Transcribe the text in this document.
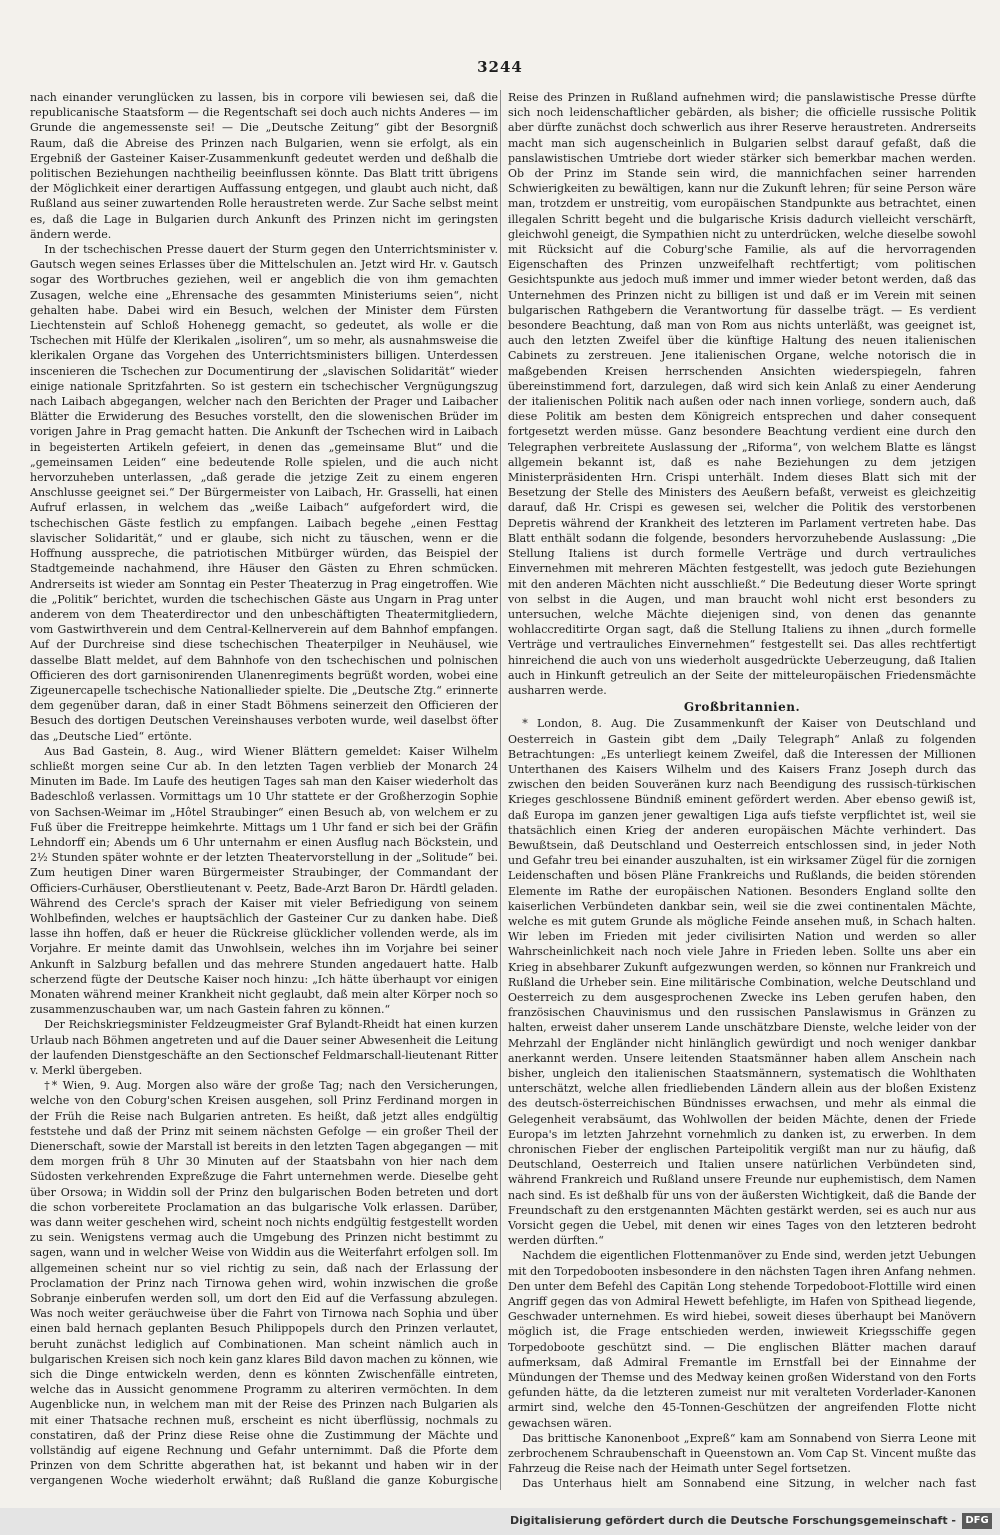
3244

nach einander verunglücken zu lassen, bis in corpore vili bewiesen sei, daß die republicanische Staatsform — die Regentschaft sei doch auch nichts Anderes — im Grunde die angemessenste sei! — Die „Deutsche Zeitung“ gibt der Besorgniß Raum, daß die Abreise des Prinzen nach Bulgarien, wenn sie erfolgt, als ein Ergebniß der Gasteiner Kaiser-Zusammenkunft gedeutet werden und deßhalb die politischen Beziehungen nachtheilig beeinflussen könnte. Das Blatt tritt übrigens der Möglichkeit einer derartigen Auffassung entgegen, und glaubt auch nicht, daß Rußland aus seiner zuwartenden Rolle heraustreten werde. Zur Sache selbst meint es, daß die Lage in Bulgarien durch Ankunft des Prinzen nicht im geringsten ändern werde.

In der tschechischen Presse dauert der Sturm gegen den Unterrichtsminister v. Gautsch wegen seines Erlasses über die Mittelschulen an. Jetzt wird Hr. v. Gautsch sogar des Wortbruches geziehen, weil er angeblich die von ihm gemachten Zusagen, welche eine „Ehrensache des gesammten Ministeriums seien“, nicht gehalten habe. Dabei wird ein Besuch, welchen der Minister dem Fürsten Liechtenstein auf Schloß Hohenegg gemacht, so gedeutet, als wolle er die Tschechen mit Hülfe der Klerikalen „isoliren“, um so mehr, als ausnahmsweise die klerikalen Organe das Vorgehen des Unterrichtsministers billigen. Unterdessen inscenieren die Tschechen zur Documentirung der „slavischen Solidarität“ wieder einige nationale Spritzfahrten. So ist gestern ein tschechischer Vergnügungszug nach Laibach abgegangen, welcher nach den Berichten der Prager und Laibacher Blätter die Erwiderung des Besuches vorstellt, den die slowenischen Brüder im vorigen Jahre in Prag gemacht hatten. Die Ankunft der Tschechen wird in Laibach in begeisterten Artikeln gefeiert, in denen das „gemeinsame Blut“ und die „gemeinsamen Leiden“ eine bedeutende Rolle spielen, und die auch nicht hervorzuheben unterlassen, „daß gerade die jetzige Zeit zu einem engeren Anschlusse geeignet sei.“ Der Bürgermeister von Laibach, Hr. Grasselli, hat einen Aufruf erlassen, in welchem das „weiße Laibach“ aufgefordert wird, die tschechischen Gäste festlich zu empfangen. Laibach begehe „einen Festtag slavischer Solidarität,“ und er glaube, sich nicht zu täuschen, wenn er die Hoffnung ausspreche, die patriotischen Mitbürger würden, das Beispiel der Stadtgemeinde nachahmend, ihre Häuser den Gästen zu Ehren schmücken. Andrerseits ist wieder am Sonntag ein Pester Theaterzug in Prag eingetroffen. Wie die „Politik“ berichtet, wurden die tschechischen Gäste aus Ungarn in Prag unter anderem von dem Theaterdirector und den unbeschäftigten Theatermitgliedern, vom Gastwirthverein und dem Central-Kellnerverein auf dem Bahnhof empfangen. Auf der Durchreise sind diese tschechischen Theaterpilger in Neuhäusel, wie dasselbe Blatt meldet, auf dem Bahnhofe von den tschechischen und polnischen Officieren des dort garnisonirenden Ulanenregiments begrüßt worden, wobei eine Zigeunercapelle tschechische Nationallieder spielte. Die „Deutsche Ztg.“ erinnerte dem gegenüber daran, daß in einer Stadt Böhmens seinerzeit den Officieren der Besuch des dortigen Deutschen Vereinshauses verboten wurde, weil daselbst öfter das „Deutsche Lied“ ertönte.

Aus Bad Gastein, 8. Aug., wird Wiener Blättern gemeldet: Kaiser Wilhelm schließt morgen seine Cur ab. In den letzten Tagen verblieb der Monarch 24 Minuten im Bade. Im Laufe des heutigen Tages sah man den Kaiser wiederholt das Badeschloß verlassen. Vormittags um 10 Uhr stattete er der Großherzogin Sophie von Sachsen-Weimar im „Hôtel Straubinger“ einen Besuch ab, von welchem er zu Fuß über die Freitreppe heimkehrte. Mittags um 1 Uhr fand er sich bei der Gräfin Lehndorff ein; Abends um 6 Uhr unternahm er einen Ausflug nach Böckstein, und 2½ Stunden später wohnte er der letzten Theatervorstellung in der „Solitude“ bei. Zum heutigen Diner waren Bürgermeister Straubinger, der Commandant der Officiers-Curhäuser, Oberstlieutenant v. Peetz, Bade-Arzt Baron Dr. Härdtl geladen. Während des Cercle's sprach der Kaiser mit vieler Befriedigung von seinem Wohlbefinden, welches er hauptsächlich der Gasteiner Cur zu danken habe. Dieß lasse ihn hoffen, daß er heuer die Rückreise glücklicher vollenden werde, als im Vorjahre. Er meinte damit das Unwohlsein, welches ihn im Vorjahre bei seiner Ankunft in Salzburg befallen und das mehrere Stunden angedauert hatte. Halb scherzend fügte der Deutsche Kaiser noch hinzu: „Ich hätte überhaupt vor einigen Monaten während meiner Krankheit nicht geglaubt, daß mein alter Körper noch so zusammenzuschauben war, um nach Gastein fahren zu können.“

Der Reichskriegsminister Feldzeugmeister Graf Bylandt-Rheidt hat einen kurzen Urlaub nach Böhmen angetreten und auf die Dauer seiner Abwesenheit die Leitung der laufenden Dienstgeschäfte an den Sectionschef Feldmarschall-lieutenant Ritter v. Merkl übergeben.

†* Wien, 9. Aug. Morgen also wäre der große Tag; nach den Versicherungen, welche von den Coburg'schen Kreisen ausgehen, soll Prinz Ferdinand morgen in der Früh die Reise nach Bulgarien antreten. Es heißt, daß jetzt alles endgültig feststehe und daß der Prinz mit seinem nächsten Gefolge — ein großer Theil der Dienerschaft, sowie der Marstall ist bereits in den letzten Tagen abgegangen — mit dem morgen früh 8 Uhr 30 Minuten auf der Staatsbahn von hier nach dem Südosten verkehrenden Expreßzuge die Fahrt unternehmen werde. Dieselbe geht über Orsowa; in Widdin soll der Prinz den bulgarischen Boden betreten und dort die schon vorbereitete Proclamation an das bulgarische Volk erlassen. Darüber, was dann weiter geschehen wird, scheint noch nichts endgültig festgestellt worden zu sein. Wenigstens vermag auch die Umgebung des Prinzen nicht bestimmt zu sagen, wann und in welcher Weise von Widdin aus die Weiterfahrt erfolgen soll. Im allgemeinen scheint nur so viel richtig zu sein, daß nach der Erlassung der Proclamation der Prinz nach Tirnowa gehen wird, wohin inzwischen die große Sobranje einberufen werden soll, um dort den Eid auf die Verfassung abzulegen. Was noch weiter geräuchweise über die Fahrt von Tirnowa nach Sophia und über einen bald hernach geplanten Besuch Philippopels durch den Prinzen verlautet, beruht zunächst lediglich auf Combinationen. Man scheint nämlich auch in bulgarischen Kreisen sich noch kein ganz klares Bild davon machen zu können, wie sich die Dinge entwickeln werden, denn es könnten Zwischenfälle eintreten, welche das in Aussicht genommene Programm zu alteriren vermöchten. In dem Augenblicke nun, in welchem man mit der Reise des Prinzen nach Bulgarien als mit einer Thatsache rechnen muß, erscheint es nicht überflüssig, nochmals zu constatiren, daß der Prinz diese Reise ohne die Zustimmung der Mächte und vollständig auf eigene Rechnung und Gefahr unternimmt. Daß die Pforte dem Prinzen von dem Schritte abgerathen hat, ist bekannt und haben wir in der vergangenen Woche wiederholt erwähnt; daß Rußland die ganze Koburgische

Reise des Prinzen in Rußland aufnehmen wird; die panslawistische Presse dürfte sich noch leidenschaftlicher gebärden, als bisher; die officielle russische Politik aber dürfte zunächst doch schwerlich aus ihrer Reserve heraustreten. Andrerseits macht man sich augenscheinlich in Bulgarien selbst darauf gefaßt, daß die panslawistischen Umtriebe dort wieder stärker sich bemerkbar machen werden. Ob der Prinz im Stande sein wird, die mannichfachen seiner harrenden Schwierigkeiten zu bewältigen, kann nur die Zukunft lehren; für seine Person wäre man, trotzdem er unstreitig, vom europäischen Standpunkte aus betrachtet, einen illegalen Schritt begeht und die bulgarische Krisis dadurch vielleicht verschärft, gleichwohl geneigt, die Sympathien nicht zu unterdrücken, welche dieselbe sowohl mit Rücksicht auf die Coburg'sche Familie, als auf die hervorragenden Eigenschaften des Prinzen unzweifelhaft rechtfertigt; vom politischen Gesichtspunkte aus jedoch muß immer und immer wieder betont werden, daß das Unternehmen des Prinzen nicht zu billigen ist und daß er im Verein mit seinen bulgarischen Rathgebern die Verantwortung für dasselbe trägt. — Es verdient besondere Beachtung, daß man von Rom aus nichts unterläßt, was geeignet ist, auch den letzten Zweifel über die künftige Haltung des neuen italienischen Cabinets zu zerstreuen. Jene italienischen Organe, welche notorisch die in maßgebenden Kreisen herrschenden Ansichten wiederspiegeln, fahren übereinstimmend fort, darzulegen, daß wird sich kein Anlaß zu einer Aenderung der italienischen Politik nach außen oder nach innen vorliege, sondern auch, daß diese Politik am besten dem Königreich entsprechen und daher consequent fortgesetzt werden müsse. Ganz besondere Beachtung verdient eine durch den Telegraphen verbreitete Auslassung der „Riforma“, von welchem Blatte es längst allgemein bekannt ist, daß es nahe Beziehungen zu dem jetzigen Ministerpräsidenten Hrn. Crispi unterhält. Indem dieses Blatt sich mit der Besetzung der Stelle des Ministers des Aeußern befaßt, verweist es gleichzeitig darauf, daß Hr. Crispi es gewesen sei, welcher die Politik des verstorbenen Depretis während der Krankheit des letzteren im Parlament vertreten habe. Das Blatt enthält sodann die folgende, besonders hervorzuhebende Auslassung: „Die Stellung Italiens ist durch formelle Verträge und durch vertrauliches Einvernehmen mit mehreren Mächten festgestellt, was jedoch gute Beziehungen mit den anderen Mächten nicht ausschließt.“ Die Bedeutung dieser Worte springt von selbst in die Augen, und man braucht wohl nicht erst besonders zu untersuchen, welche Mächte diejenigen sind, von denen das genannte wohlaccreditirte Organ sagt, daß die Stellung Italiens zu ihnen „durch formelle Verträge und vertrauliches Einvernehmen“ festgestellt sei. Das alles rechtfertigt hinreichend die auch von uns wiederholt ausgedrückte Ueberzeugung, daß Italien auch in Hinkunft getreulich an der Seite der mitteleuropäischen Friedensmächte ausharren werde.

Großbritannien.

* London, 8. Aug. Die Zusammenkunft der Kaiser von Deutschland und Oesterreich in Gastein gibt dem „Daily Telegraph“ Anlaß zu folgenden Betrachtungen: „Es unterliegt keinem Zweifel, daß die Interessen der Millionen Unterthanen des Kaisers Wilhelm und des Kaisers Franz Joseph durch das zwischen den beiden Souveränen kurz nach Beendigung des russisch-türkischen Krieges geschlossene Bündniß eminent gefördert werden. Aber ebenso gewiß ist, daß Europa im ganzen jener gewaltigen Liga aufs tiefste verpflichtet ist, weil sie thatsächlich einen Krieg der anderen europäischen Mächte verhindert. Das Bewußtsein, daß Deutschland und Oesterreich entschlossen sind, in jeder Noth und Gefahr treu bei einander auszuhalten, ist ein wirksamer Zügel für die zornigen Leidenschaften und bösen Pläne Frankreichs und Rußlands, die beiden störenden Elemente im Rathe der europäischen Nationen. Besonders England sollte den kaiserlichen Verbündeten dankbar sein, weil sie die zwei continentalen Mächte, welche es mit gutem Grunde als mögliche Feinde ansehen muß, in Schach halten. Wir leben im Frieden mit jeder civilisirten Nation und werden so aller Wahrscheinlichkeit nach noch viele Jahre in Frieden leben. Sollte uns aber ein Krieg in absehbarer Zukunft aufgezwungen werden, so können nur Frankreich und Rußland die Urheber sein. Eine militärische Combination, welche Deutschland und Oesterreich zu dem ausgesprochenen Zwecke ins Leben gerufen haben, den französischen Chauvinismus und den russischen Panslawismus in Gränzen zu halten, erweist daher unserem Lande unschätzbare Dienste, welche leider von der Mehrzahl der Engländer nicht hinlänglich gewürdigt und noch weniger dankbar anerkannt werden. Unsere leitenden Staatsmänner haben allem Anschein nach bisher, ungleich den italienischen Staatsmännern, systematisch die Wohlthaten unterschätzt, welche allen friedliebenden Ländern allein aus der bloßen Existenz des deutsch-österreichischen Bündnisses erwachsen, und mehr als einmal die Gelegenheit verabsäumt, das Wohlwollen der beiden Mächte, denen der Friede Europa's im letzten Jahrzehnt vornehmlich zu danken ist, zu erwerben. In dem chronischen Fieber der englischen Parteipolitik vergißt man nur zu häufig, daß Deutschland, Oesterreich und Italien unsere natürlichen Verbündeten sind, während Frankreich und Rußland unsere Freunde nur euphemistisch, dem Namen nach sind. Es ist deßhalb für uns von der äußersten Wichtigkeit, daß die Bande der Freundschaft zu den erstgenannten Mächten gestärkt werden, sei es auch nur aus Vorsicht gegen die Uebel, mit denen wir eines Tages von den letzteren bedroht werden dürften.“

Nachdem die eigentlichen Flottenmanöver zu Ende sind, werden jetzt Uebungen mit den Torpedobooten insbesondere in den nächsten Tagen ihren Anfang nehmen. Den unter dem Befehl des Capitän Long stehende Torpedoboot-Flottille wird einen Angriff gegen das von Admiral Hewett befehligte, im Hafen von Spithead liegende, Geschwader unternehmen. Es wird hiebei, soweit dieses überhaupt bei Manövern möglich ist, die Frage entschieden werden, inwieweit Kriegsschiffe gegen Torpedoboote geschützt sind. — Die englischen Blätter machen darauf aufmerksam, daß Admiral Fremantle im Ernstfall bei der Einnahme der Mündungen der Themse und des Medway keinen großen Widerstand von den Forts gefunden hätte, da die letzteren zumeist nur mit veralteten Vorderlader-Kanonen armirt sind, welche den 45-Tonnen-Geschützen der angreifenden Flotte nicht gewachsen wären.

Das brittische Kanonenboot „Expreß“ kam am Sonnabend von Sierra Leone mit zerbrochenem Schraubenschaft in Queenstown an. Vom Cap St. Vincent mußte das Fahrzeug die Reise nach der Heimath unter Segel fortsetzen.

Das Unterhaus hielt am Sonnabend eine Sitzung, in welcher nach fast

Digitalisierung gefördert durch die Deutsche Forschungsgemeinschaft - DFG
